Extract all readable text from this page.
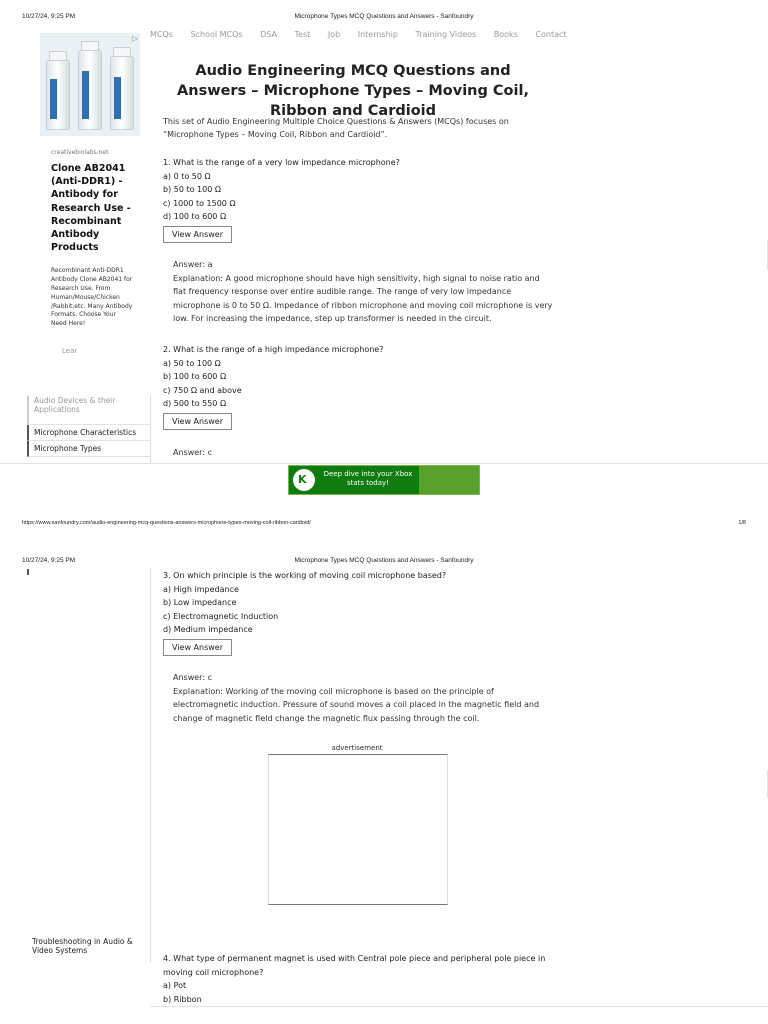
10/27/24, 9:25 PM	Microphone Types MCQ Questions and Answers - Sanfoundry
MCQs School MCQs DSA Test Job Internship Training Videos Books Contact
▷
creativebiolabs.net
Clone AB2041 (Anti-DDR1) - Antibody for Research Use - Recombinant Antibody Products
Recombinant Anti-DDR1 Antibody Clone AB2041 for Research Use. From Human/Mouse/Chicken /Rabbit,etc. Many Antibody Formats. Choose Your Need Here!
Lear
Audio Devices & their Applications
Microphone Characteristics
Microphone Types
Audio Engineering MCQ Questions and Answers – Microphone Types – Moving Coil, Ribbon and Cardioid

This set of Audio Engineering Multiple Choice Questions & Answers (MCQs) focuses on “Microphone Types – Moving Coil, Ribbon and Cardioid”.

1. What is the range of a very low impedance microphone?
a) 0 to 50 Ω
b) 50 to 100 Ω
c) 1000 to 1500 Ω
d) 100 to 600 Ω
View Answer
Answer: a
Explanation: A good microphone should have high sensitivity, high signal to noise ratio and flat frequency response over entire audible range. The range of very low impedance microphone is 0 to 50 Ω. Impedance of ribbon microphone and moving coil microphone is very low. For increasing the impedance, step up transformer is needed in the circuit.
2. What is the range of a high impedance microphone?
a) 50 to 100 Ω
b) 100 to 600 Ω
c) 750 Ω and above
d) 500 to 550 Ω
View Answer
Answer: c
K Deep dive into your Xbox stats today!
https://www.sanfoundry.com/audio-engineering-mcq-questions-answers-microphone-types-moving-coil-ribbon-cardioid/	1/8
10/27/24, 9:25 PM	Microphone Types MCQ Questions and Answers - Sanfoundry
3. On which principle is the working of moving coil microphone based?
a) High impedance
b) Low impedance
c) Electromagnetic Induction
d) Medium impedance
View Answer
Answer: c
Explanation: Working of the moving coil microphone is based on the principle of electromagnetic induction. Pressure of sound moves a coil placed in the magnetic field and change of magnetic field change the magnetic flux passing through the coil.
advertisement
Troubleshooting in Audio & Video Systems
4. What type of permanent magnet is used with Central pole piece and peripheral pole piece in moving coil microphone?
a) Pot
b) Ribbon
